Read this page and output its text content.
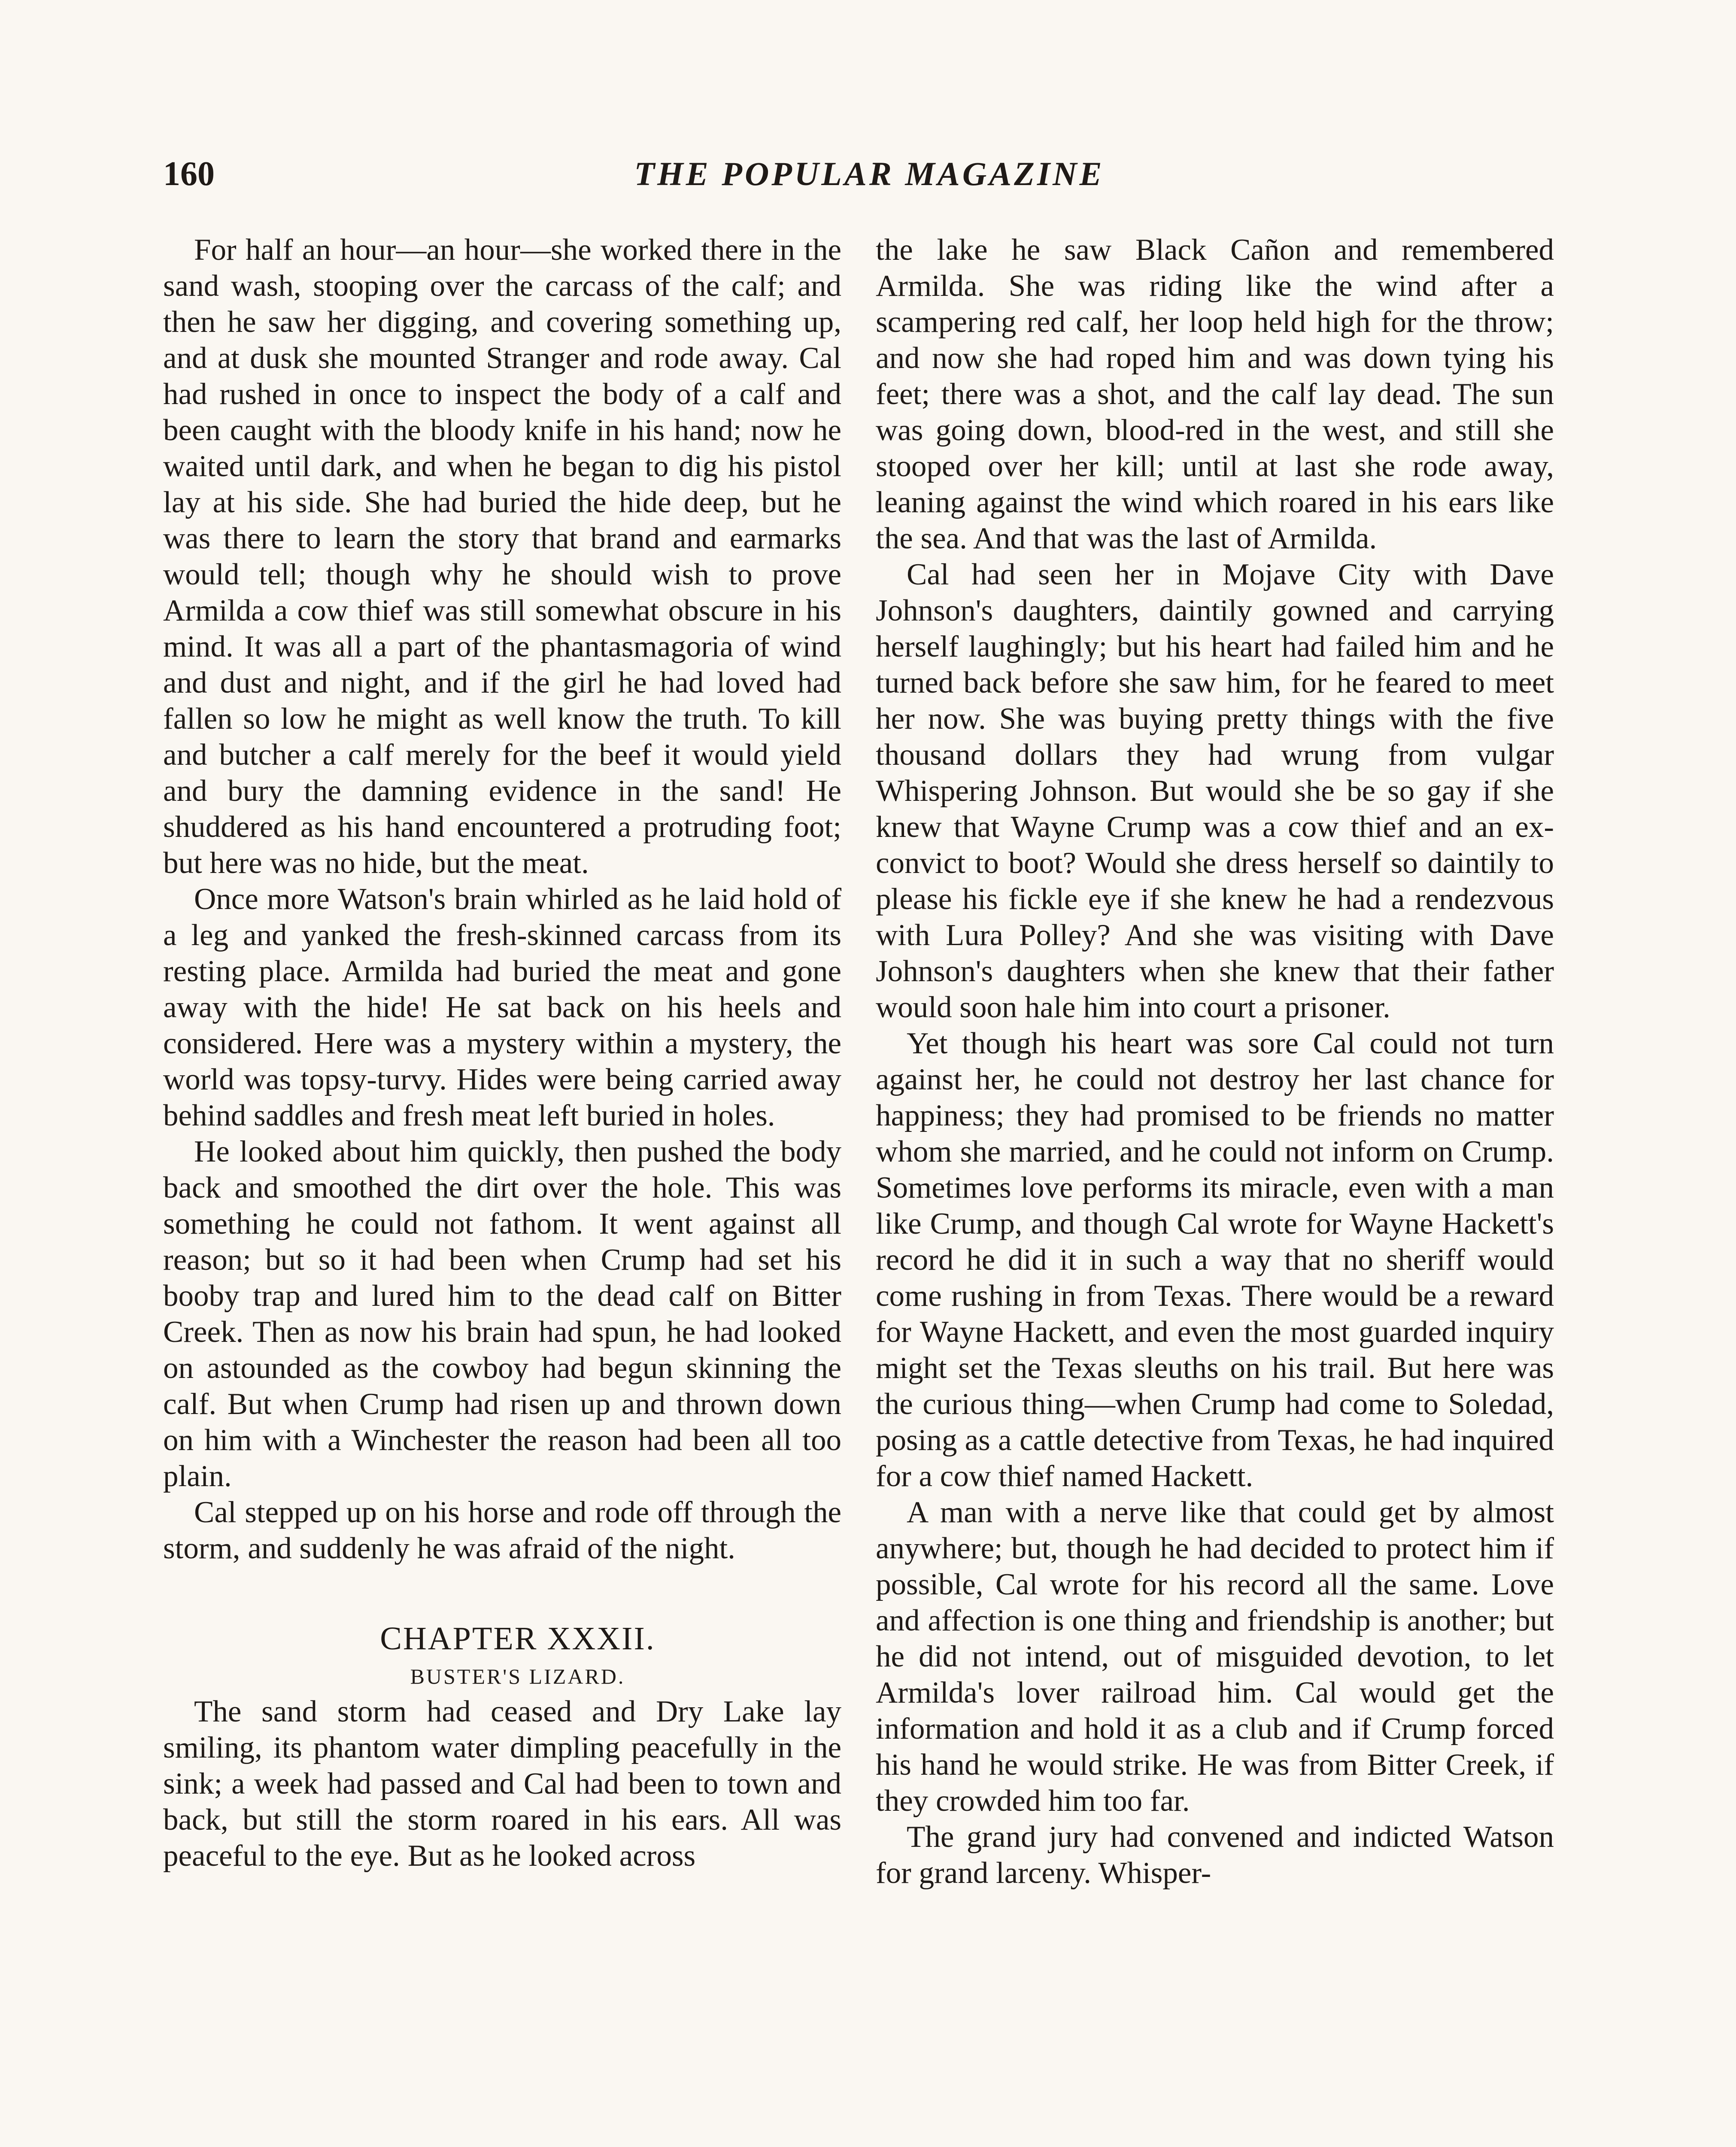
160	THE POPULAR MAGAZINE

For half an hour—an hour—she worked there in the sand wash, stooping over the carcass of the calf; and then he saw her digging, and covering something up, and at dusk she mounted Stranger and rode away. Cal had rushed in once to inspect the body of a calf and been caught with the bloody knife in his hand; now he waited until dark, and when he began to dig his pistol lay at his side. She had buried the hide deep, but he was there to learn the story that brand and earmarks would tell; though why he should wish to prove Armilda a cow thief was still somewhat obscure in his mind. It was all a part of the phantasmagoria of wind and dust and night, and if the girl he had loved had fallen so low he might as well know the truth. To kill and butcher a calf merely for the beef it would yield and bury the damning evidence in the sand! He shuddered as his hand encountered a protruding foot; but here was no hide, but the meat.

Once more Watson's brain whirled as he laid hold of a leg and yanked the fresh-skinned carcass from its resting place. Armilda had buried the meat and gone away with the hide! He sat back on his heels and considered. Here was a mystery within a mystery, the world was topsy-turvy. Hides were being carried away behind saddles and fresh meat left buried in holes.

He looked about him quickly, then pushed the body back and smoothed the dirt over the hole. This was something he could not fathom. It went against all reason; but so it had been when Crump had set his booby trap and lured him to the dead calf on Bitter Creek. Then as now his brain had spun, he had looked on astounded as the cowboy had begun skinning the calf. But when Crump had risen up and thrown down on him with a Winchester the reason had been all too plain.

Cal stepped up on his horse and rode off through the storm, and suddenly he was afraid of the night.

CHAPTER XXXII.

BUSTER'S LIZARD.

The sand storm had ceased and Dry Lake lay smiling, its phantom water dimpling peacefully in the sink; a week had passed and Cal had been to town and back, but still the storm roared in his ears. All was peaceful to the eye. But as he looked across

the lake he saw Black Cañon and remembered Armilda. She was riding like the wind after a scampering red calf, her loop held high for the throw; and now she had roped him and was down tying his feet; there was a shot, and the calf lay dead. The sun was going down, blood-red in the west, and still she stooped over her kill; until at last she rode away, leaning against the wind which roared in his ears like the sea. And that was the last of Armilda.

Cal had seen her in Mojave City with Dave Johnson's daughters, daintily gowned and carrying herself laughingly; but his heart had failed him and he turned back before she saw him, for he feared to meet her now. She was buying pretty things with the five thousand dollars they had wrung from vulgar Whispering Johnson. But would she be so gay if she knew that Wayne Crump was a cow thief and an ex-convict to boot? Would she dress herself so daintily to please his fickle eye if she knew he had a rendezvous with Lura Polley? And she was visiting with Dave Johnson's daughters when she knew that their father would soon hale him into court a prisoner.

Yet though his heart was sore Cal could not turn against her, he could not destroy her last chance for happiness; they had promised to be friends no matter whom she married, and he could not inform on Crump. Sometimes love performs its miracle, even with a man like Crump, and though Cal wrote for Wayne Hackett's record he did it in such a way that no sheriff would come rushing in from Texas. There would be a reward for Wayne Hackett, and even the most guarded inquiry might set the Texas sleuths on his trail. But here was the curious thing—when Crump had come to Soledad, posing as a cattle detective from Texas, he had inquired for a cow thief named Hackett.

A man with a nerve like that could get by almost anywhere; but, though he had decided to protect him if possible, Cal wrote for his record all the same. Love and affection is one thing and friendship is another; but he did not intend, out of misguided devotion, to let Armilda's lover railroad him. Cal would get the information and hold it as a club and if Crump forced his hand he would strike. He was from Bitter Creek, if they crowded him too far.

The grand jury had convened and indicted Watson for grand larceny. Whisper-
